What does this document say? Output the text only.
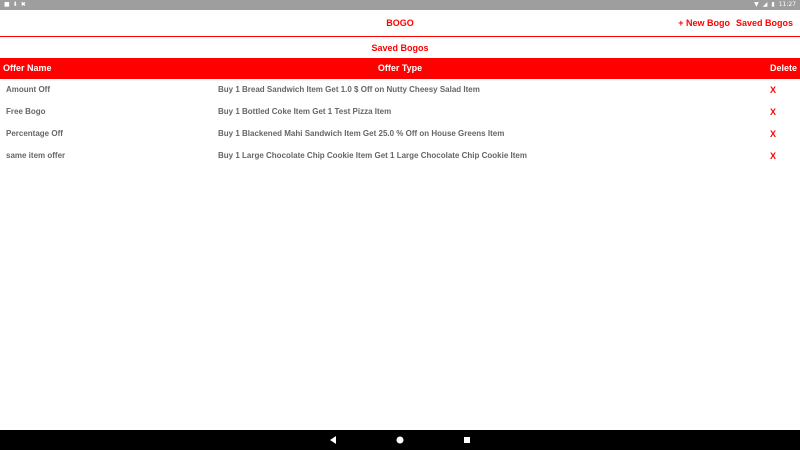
■⬇✖	▼ ◢ ▮ 11:27
BOGO	+ New Bogo Saved Bogos
Saved Bogos
Offer Name	Offer Type	Delete
Amount Off	Buy 1 Bread Sandwich Item Get 1.0 $ Off on Nutty Cheesy Salad Item	X
Free Bogo	Buy 1 Bottled Coke Item Get 1 Test Pizza Item	X
Percentage Off	Buy 1 Blackened Mahi Sandwich Item Get 25.0 % Off on House Greens Item	X
same item offer	Buy 1 Large Chocolate Chip Cookie Item Get 1 Large Chocolate Chip Cookie Item	X
